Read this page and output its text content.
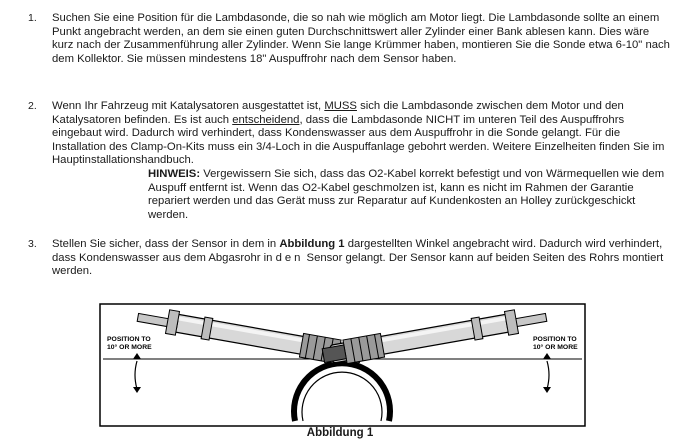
1. Suchen Sie eine Position für die Lambdasonde, die so nah wie möglich am Motor liegt. Die Lambdasonde sollte an einem Punkt angebracht werden, an dem sie einen guten Durchschnittswert aller Zylinder einer Bank ablesen kann. Dies wäre kurz nach der Zusammenführung aller Zylinder. Wenn Sie lange Krümmer haben, montieren Sie die Sonde etwa 6-10" nach dem Kollektor. Sie müssen mindestens 18" Auspuffrohr nach dem Sensor haben.
2. Wenn Ihr Fahrzeug mit Katalysatoren ausgestattet ist, MUSS sich die Lambdasonde zwischen dem Motor und den Katalysatoren befinden. Es ist auch entscheidend, dass die Lambdasonde NICHT im unteren Teil des Auspuffrohrs eingebaut wird. Dadurch wird verhindert, dass Kondenswasser aus dem Auspuffrohr in die Sonde gelangt. Für die Installation des Clamp-On-Kits muss ein 3/4-Loch in die Auspuffanlage gebohrt werden. Weitere Einzelheiten finden Sie im Hauptinstallationshandbuch.
HINWEIS: Vergewissern Sie sich, dass das O2-Kabel korrekt befestigt und von Wärmequellen wie dem Auspuff entfernt ist. Wenn das O2-Kabel geschmolzen ist, kann es nicht im Rahmen der Garantie repariert werden und das Gerät muss zur Reparatur auf Kundenkosten an Holley zurückgeschickt werden.
3. Stellen Sie sicher, dass der Sensor in dem in Abbildung 1 dargestellten Winkel angebracht wird. Dadurch wird verhindert, dass Kondenswasser aus dem Abgasrohr in den Sensor gelangt. Der Sensor kann auf beiden Seiten des Rohrs montiert werden.
POSITION TO
10° OR MORE
POSITION TO
10° OR MORE
Abbildung 1
